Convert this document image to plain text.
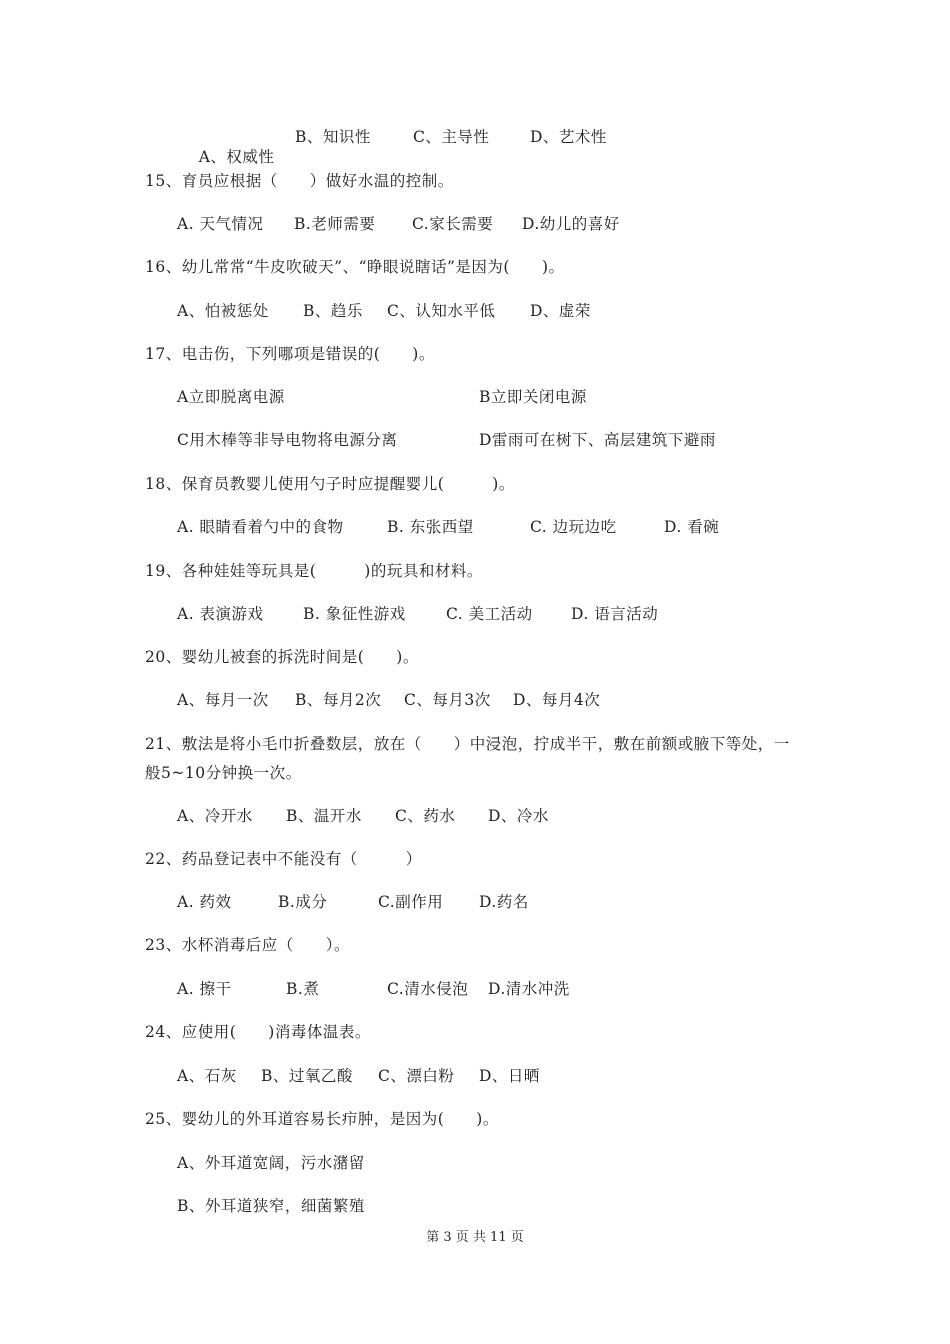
A、权威性

B、知识性	C、主导性	D、艺术性
15、育员应根据（　　）做好水温的控制。
A. 天气情况 B.老师需要 C.家长需要 D.幼儿的喜好
16、幼儿常常“牛皮吹破天”、“睁眼说瞎话”是因为(　　)。
A、怕被惩处 B、趋乐 C、认知水平低 D、虚荣
17、电击伤，下列哪项是错误的(　　)。
A立即脱离电源	B立即关闭电源
C用木棒等非导电物将电源分离	D雷雨可在树下、高层建筑下避雨
18、保育员教婴儿使用勺子时应提醒婴儿(　　　)。
A. 眼睛看着勺中的食物	B. 东张西望	C. 边玩边吃	D. 看碗
19、各种娃娃等玩具是(　　　)的玩具和材料。
A. 表演游戏	B. 象征性游戏	C. 美工活动 D. 语言活动
20、婴幼儿被套的拆洗时间是(　　)。
A、每月一次 B、每月2次 C、每月3次 D、每月4次
21、敷法是将小毛巾折叠数层，放在（　　）中浸泡，拧成半干，敷在前额或腋下等处，一
般5~10分钟换一次。
A、冷开水 B、温开水 C、药水 D、冷水
22、药品登记表中不能没有（　　　）
A. 药效	B.成分	C.副作用 D.药名
23、水杯消毒后应（　　）。
A. 擦干	B.煮	C.清水侵泡 D.清水冲洗
24、应使用(　　)消毒体温表。
A、石灰 B、过氧乙酸 C、漂白粉 D、日晒
25、婴幼儿的外耳道容易长疖肿，是因为(　　)。
A、外耳道宽阔，污水潴留
B、外耳道狭窄，细菌繁殖
第 3 页 共 11 页
